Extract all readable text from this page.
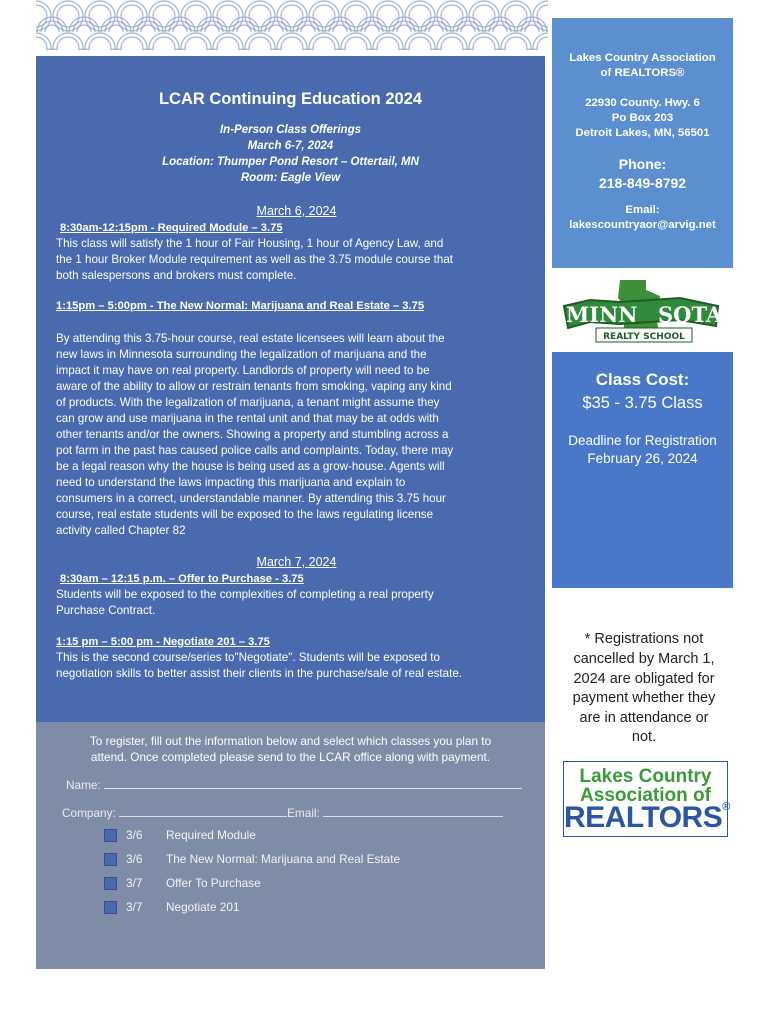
LCAR Continuing Education 2024
In-Person Class Offerings
March 6-7, 2024
Location: Thumper Pond Resort – Ottertail, MN
Room: Eagle View
March 6, 2024
8:30am-12:15pm - Required Module – 3.75
This class will satisfy the 1 hour of Fair Housing, 1 hour of Agency Law, and
the 1 hour Broker Module requirement as well as the 3.75 module course that
both salespersons and brokers must complete.
1:15pm – 5:00pm - The New Normal: Marijuana and Real Estate – 3.75
By attending this 3.75-hour course, real estate licensees will learn about the
new laws in Minnesota surrounding the legalization of marijuana and the
impact it may have on real property. Landlords of property will need to be
aware of the ability to allow or restrain tenants from smoking, vaping any kind
of products. With the legalization of marijuana, a tenant might assume they
can grow and use marijuana in the rental unit and that may be at odds with
other tenants and/or the owners. Showing a property and stumbling across a
pot farm in the past has caused police calls and complaints. Today, there may
be a legal reason why the house is being used as a grow-house. Agents will
need to understand the laws impacting this marijuana and explain to
consumers in a correct, understandable manner. By attending this 3.75 hour
course, real estate students will be exposed to the laws regulating license
activity called Chapter 82
March 7, 2024
8:30am – 12:15 p.m. – Offer to Purchase - 3.75
Students will be exposed to the complexities of completing a real property
Purchase Contract.
1:15 pm – 5:00 pm - Negotiate 201 – 3.75
This is the second course/series to"Negotiate". Students will be exposed to
negotiation skills to better assist their clients in the purchase/sale of real estate.
To register, fill out the information below and select which classes you plan to
attend. Once completed please send to the LCAR office along with payment.
Name:
Company:	Email:
3/6 Required Module
3/6 The New Normal: Marijuana and Real Estate
3/7 Offer To Purchase
3/7 Negotiate 201
Lakes Country Association
of REALTORS®
22930 County. Hwy. 6
Po Box 203
Detroit Lakes, MN, 56501
Phone:
218-849-8792
Email:
lakescountryaor@arvig.net
MINN SOTA
REALTY SCHOOL
Class Cost:
$35 - 3.75 Class
Deadline for Registration
February 26, 2024
* Registrations not
cancelled by March 1,
2024 are obligated for
payment whether they
are in attendance or
not.
Lakes Country
Association of
REALTORS®
